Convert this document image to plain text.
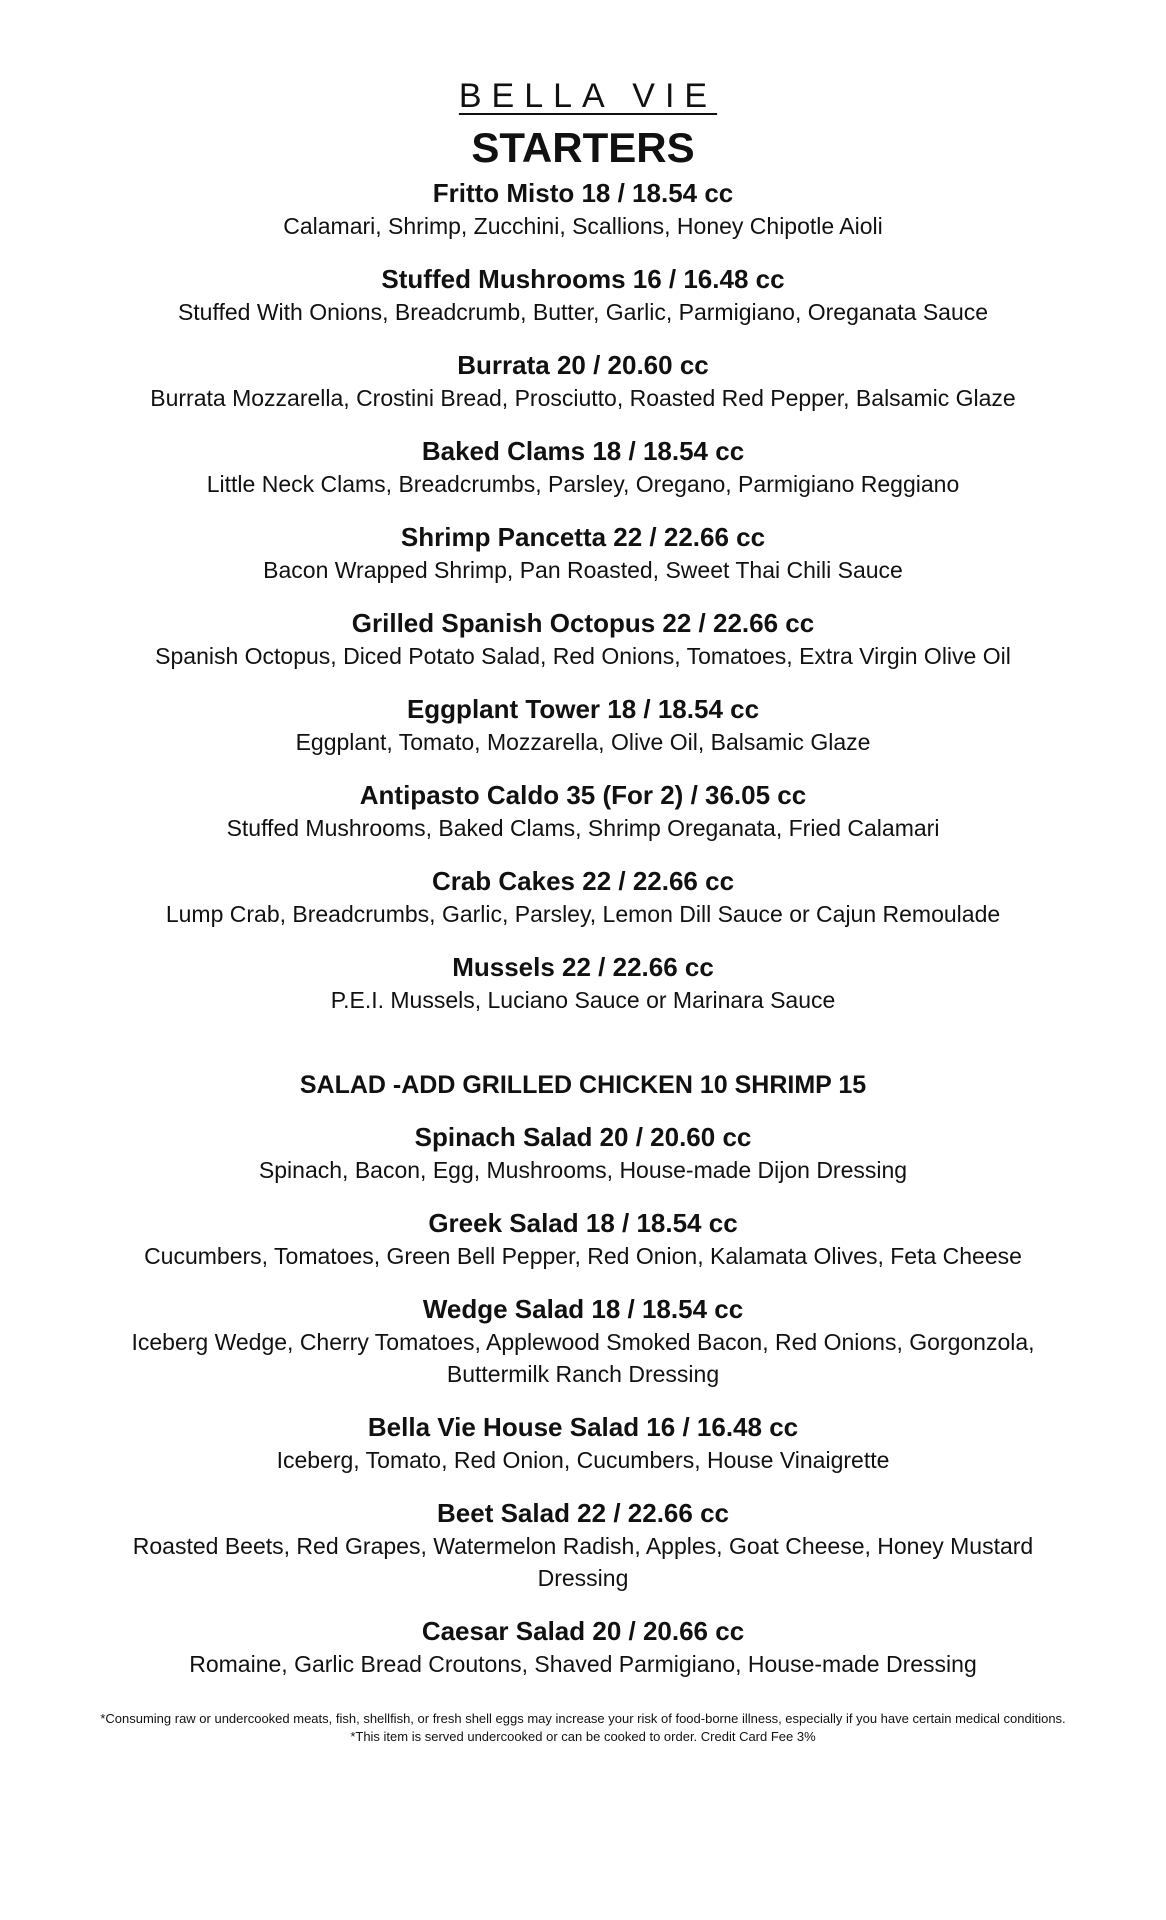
BELLA VIE
STARTERS
Fritto Misto 18 / 18.54 cc
Calamari, Shrimp, Zucchini, Scallions, Honey Chipotle Aioli
Stuffed Mushrooms 16 / 16.48 cc
Stuffed With Onions, Breadcrumb, Butter, Garlic, Parmigiano, Oreganata Sauce
Burrata 20 / 20.60 cc
Burrata Mozzarella, Crostini Bread, Prosciutto, Roasted Red Pepper, Balsamic Glaze
Baked Clams 18 / 18.54 cc
Little Neck Clams, Breadcrumbs, Parsley, Oregano, Parmigiano Reggiano
Shrimp Pancetta 22 / 22.66 cc
Bacon Wrapped Shrimp, Pan Roasted, Sweet Thai Chili Sauce
Grilled Spanish Octopus 22 / 22.66 cc
Spanish Octopus, Diced Potato Salad, Red Onions, Tomatoes, Extra Virgin Olive Oil
Eggplant Tower 18 / 18.54 cc
Eggplant, Tomato, Mozzarella, Olive Oil, Balsamic Glaze
Antipasto Caldo 35 (For 2) / 36.05 cc
Stuffed Mushrooms, Baked Clams, Shrimp Oreganata, Fried Calamari
Crab Cakes 22 / 22.66 cc
Lump Crab, Breadcrumbs, Garlic, Parsley, Lemon Dill Sauce or Cajun Remoulade
Mussels 22 / 22.66 cc
P.E.I. Mussels, Luciano Sauce or Marinara Sauce
SALAD -ADD GRILLED CHICKEN 10 SHRIMP 15
Spinach Salad 20 / 20.60 cc
Spinach, Bacon, Egg, Mushrooms, House-made Dijon Dressing
Greek Salad 18 / 18.54 cc
Cucumbers, Tomatoes, Green Bell Pepper, Red Onion, Kalamata Olives, Feta Cheese
Wedge Salad 18 / 18.54 cc
Iceberg Wedge, Cherry Tomatoes, Applewood Smoked Bacon, Red Onions, Gorgonzola, Buttermilk Ranch Dressing
Bella Vie House Salad 16 / 16.48 cc
Iceberg, Tomato, Red Onion, Cucumbers, House Vinaigrette
Beet Salad 22 / 22.66 cc
Roasted Beets, Red Grapes, Watermelon Radish, Apples, Goat Cheese, Honey Mustard Dressing
Caesar Salad 20 / 20.66 cc
Romaine, Garlic Bread Croutons, Shaved Parmigiano, House-made Dressing
*Consuming raw or undercooked meats, fish, shellfish, or fresh shell eggs may increase your risk of food-borne illness, especially if you have certain medical conditions. *This item is served undercooked or can be cooked to order. Credit Card Fee 3%
